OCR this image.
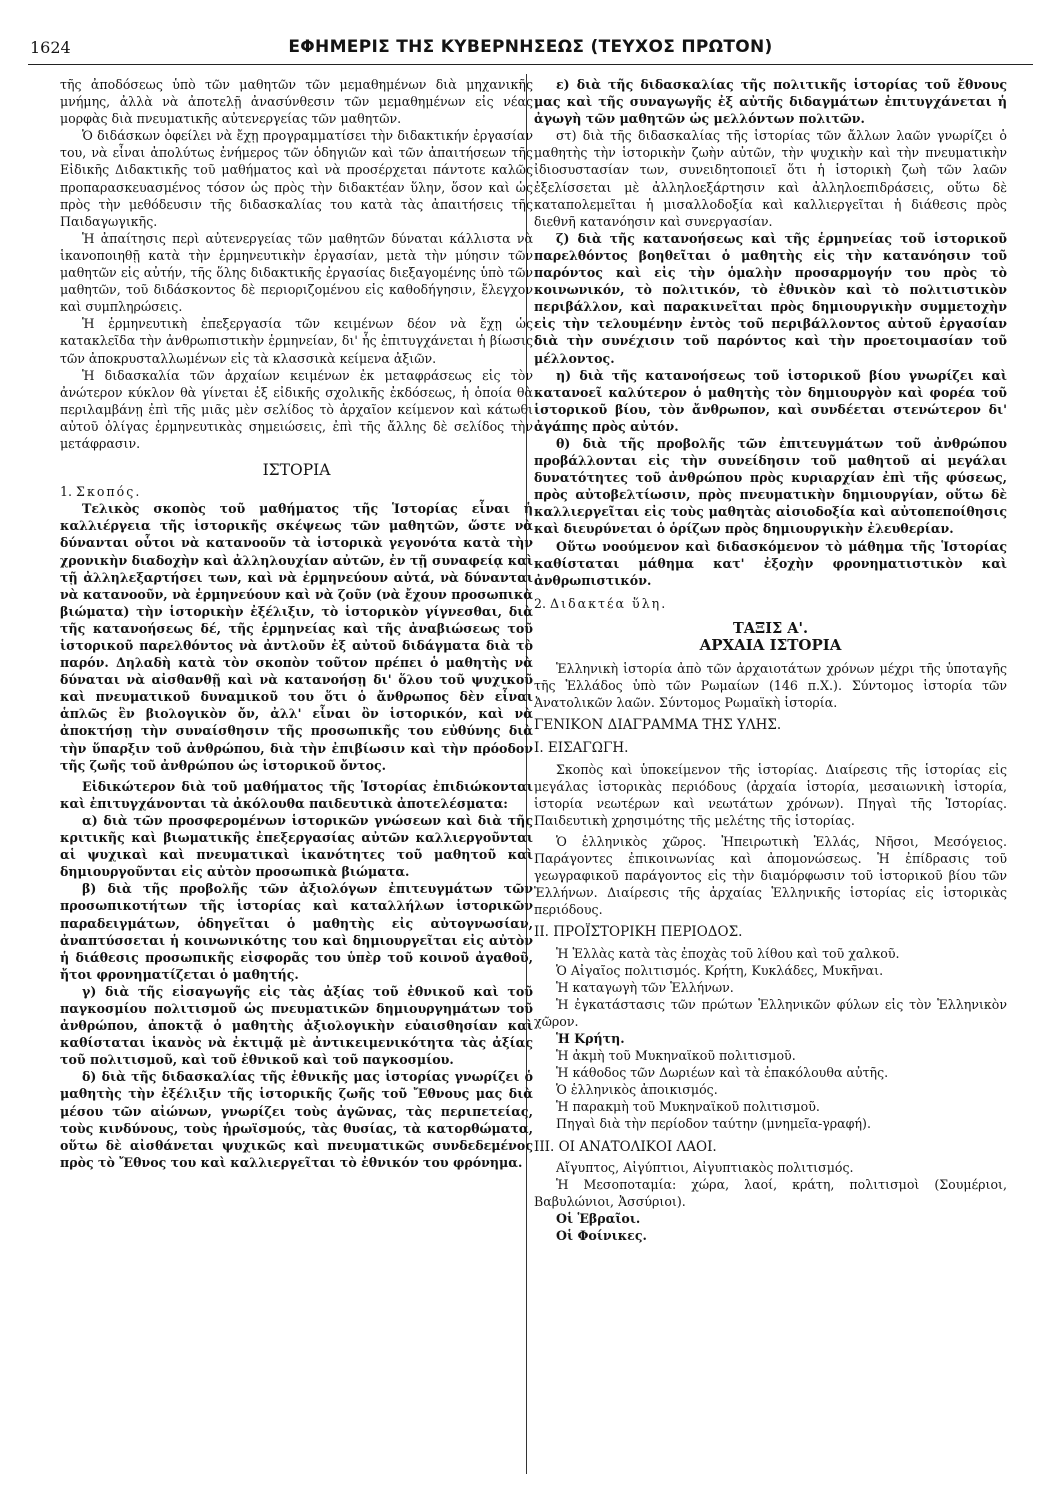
1624	ΕΦΗΜΕΡΙΣ ΤΗΣ ΚΥΒΕΡΝΗΣΕΩΣ (ΤΕΥΧΟΣ ΠΡΩΤΟΝ)

τῆς ἀποδόσεως ὑπὸ τῶν μαθητῶν τῶν μεμαθημένων διὰ μηχανικῆς μνήμης, ἀλλὰ νὰ ἀποτελῇ ἀνασύνθεσιν τῶν μεμαθημένων εἰς νέας μορφὰς διὰ πνευματικῆς αὐτενεργείας τῶν μαθητῶν.

Ὁ διδάσκων ὀφείλει νὰ ἔχῃ προγραμματίσει τὴν διδακτικήν ἐργασίαν του, νὰ εἶναι ἀπολύτως ἐνήμερος τῶν ὁδηγιῶν καὶ τῶν ἀπαιτήσεων τῆς Εἰδικῆς Διδακτικῆς τοῦ μαθήματος καὶ νὰ προσέρχεται πάντοτε καλῶς προπαρασκευασμένος τόσον ὡς πρὸς τὴν διδακτέαν ὕλην, ὅσον καὶ ὡς πρὸς τὴν μεθόδευσιν τῆς διδασκαλίας του κατὰ τὰς ἀπαιτήσεις τῆς Παιδαγωγικῆς.

Ἡ ἀπαίτησις περὶ αὐτενεργείας τῶν μαθητῶν δύναται κάλλιστα νὰ ἱκανοποιηθῇ κατὰ τὴν ἑρμηνευτικὴν ἐργασίαν, μετὰ τὴν μύησιν τῶν μαθητῶν εἰς αὐτήν, τῆς ὅλης διδακτικῆς ἐργασίας διεξαγομένης ὑπὸ τῶν μαθητῶν, τοῦ διδάσκοντος δὲ περιοριζομένου εἰς καθοδήγησιν, ἔλεγχον καὶ συμπληρώσεις.

Ἡ ἑρμηνευτικὴ ἐπεξεργασία τῶν κειμένων δέον νὰ ἔχῃ ὡς κατακλεῖδα τὴν ἀνθρωπιστικὴν ἑρμηνείαν, δι' ἧς ἐπιτυγχάνεται ἡ βίωσις τῶν ἀποκρυσταλλωμένων εἰς τὰ κλασσικὰ κείμενα ἀξιῶν.

Ἡ διδασκαλία τῶν ἀρχαίων κειμένων ἐκ μεταφράσεως εἰς τὸν ἀνώτερον κύκλον θὰ γίνεται ἐξ εἰδικῆς σχολικῆς ἐκδόσεως, ἡ ὁποία θὰ περιλαμβάνῃ ἐπὶ τῆς μιᾶς μὲν σελίδος τὸ ἀρχαῖον κείμενον καὶ κάτωθι αὐτοῦ ὀλίγας ἑρμηνευτικὰς σημειώσεις, ἐπὶ τῆς ἄλλης δὲ σελίδος τὴν μετάφρασιν.

ΙΣΤΟΡΙΑ

1. Σκοπός.

Τελικὸς σκοπὸς τοῦ μαθήματος τῆς Ἱστορίας εἶναι ἡ καλλιέργεια τῆς ἱστορικῆς σκέψεως τῶν μαθητῶν, ὥστε νὰ δύνανται οὗτοι νὰ κατανοοῦν τὰ ἱστορικὰ γεγονότα κατὰ τὴν χρονικὴν διαδοχὴν καὶ ἀλληλουχίαν αὐτῶν, ἐν τῇ συναφείᾳ καὶ τῇ ἀλληλεξαρτήσει των, καὶ νὰ ἑρμηνεύουν αὐτά, νὰ δύνανται νὰ κατανοοῦν, νὰ ἑρμηνεύουν καὶ νὰ ζοῦν (νὰ ἔχουν προσωπικὰ βιώματα) τὴν ἱστορικὴν ἐξέλιξιν, τὸ ἱστορικὸν γίγνεσθαι, διὰ τῆς κατανοήσεως δέ, τῆς ἑρμηνείας καὶ τῆς ἀναβιώσεως τοῦ ἱστορικοῦ παρελθόντος νὰ ἀντλοῦν ἐξ αὐτοῦ διδάγματα διὰ τὸ παρόν. Δηλαδὴ κατὰ τὸν σκοπὸν τοῦτον πρέπει ὁ μαθητὴς νὰ δύναται νὰ αἰσθανθῇ καὶ νὰ κατανοήσῃ δι' ὅλου τοῦ ψυχικοῦ καὶ πνευματικοῦ δυναμικοῦ του ὅτι ὁ ἄνθρωπος δὲν εἶναι ἁπλῶς ἓν βιολογικὸν ὄν, ἀλλ' εἶναι ὂν ἱστορικόν, καὶ νὰ ἀποκτήσῃ τὴν συναίσθησιν τῆς προσωπικῆς του εὐθύνης διὰ τὴν ὕπαρξιν τοῦ ἀνθρώπου, διὰ τὴν ἐπιβίωσιν καὶ τὴν πρόοδον τῆς ζωῆς τοῦ ἀνθρώπου ὡς ἱστορικοῦ ὄντος.

Εἰδικώτερον διὰ τοῦ μαθήματος τῆς Ἱστορίας ἐπιδιώκονται καὶ ἐπιτυγχάνονται τὰ ἀκόλουθα παιδευτικὰ ἀποτελέσματα:

α) διὰ τῶν προσφερομένων ἱστορικῶν γνώσεων καὶ διὰ τῆς κριτικῆς καὶ βιωματικῆς ἐπεξεργασίας αὐτῶν καλλιεργοῦνται αἱ ψυχικαὶ καὶ πνευματικαὶ ἱκανότητες τοῦ μαθητοῦ καὶ δημιουργοῦνται εἰς αὐτὸν προσωπικὰ βιώματα.

β) διὰ τῆς προβολῆς τῶν ἀξιολόγων ἐπιτευγμάτων τῶν προσωπικοτήτων τῆς ἱστορίας καὶ καταλλήλων ἱστορικῶν παραδειγμάτων, ὁδηγεῖται ὁ μαθητὴς εἰς αὐτογνωσίαν, ἀναπτύσσεται ἡ κοινωνικότης του καὶ δημιουργεῖται εἰς αὐτὸν ἡ διάθεσις προσωπικῆς εἰσφορᾶς του ὑπὲρ τοῦ κοινοῦ ἀγαθοῦ, ἤτοι φρονηματίζεται ὁ μαθητής.

γ) διὰ τῆς εἰσαγωγῆς εἰς τὰς ἀξίας τοῦ ἐθνικοῦ καὶ τοῦ παγκοσμίου πολιτισμοῦ ὡς πνευματικῶν δημιουργημάτων τοῦ ἀνθρώπου, ἀποκτᾷ ὁ μαθητὴς ἀξιολογικὴν εὐαισθησίαν καὶ καθίσταται ἱκανὸς νὰ ἐκτιμᾷ μὲ ἀντικειμενικότητα τὰς ἀξίας τοῦ πολιτισμοῦ, καὶ τοῦ ἐθνικοῦ καὶ τοῦ παγκοσμίου.

δ) διὰ τῆς διδασκαλίας τῆς ἐθνικῆς μας ἱστορίας γνωρίζει ὁ μαθητὴς τὴν ἐξέλιξιν τῆς ἱστορικῆς ζωῆς τοῦ Ἔθνους μας διὰ μέσου τῶν αἰώνων, γνωρίζει τοὺς ἀγῶνας, τὰς περιπετείας, τοὺς κινδύνους, τοὺς ἡρωϊσμούς, τὰς θυσίας, τὰ κατορθώματα, οὕτω δὲ αἰσθάνεται ψυχικῶς καὶ πνευματικῶς συνδεδεμένος πρὸς τὸ Ἔθνος του καὶ καλλιεργεῖται τὸ ἐθνικόν του φρόνημα.

ε) διὰ τῆς διδασκαλίας τῆς πολιτικῆς ἱστορίας τοῦ ἔθνους μας καὶ τῆς συναγωγῆς ἐξ αὐτῆς διδαγμάτων ἐπιτυγχάνεται ἡ ἀγωγὴ τῶν μαθητῶν ὡς μελλόντων πολιτῶν.

στ) διὰ τῆς διδασκαλίας τῆς ἱστορίας τῶν ἄλλων λαῶν γνωρίζει ὁ μαθητὴς τὴν ἱστορικὴν ζωὴν αὐτῶν, τὴν ψυχικὴν καὶ τὴν πνευματικὴν ἰδιοσυστασίαν των, συνειδητοποιεῖ ὅτι ἡ ἱστορικὴ ζωὴ τῶν λαῶν ἐξελίσσεται μὲ ἀλληλοεξάρτησιν καὶ ἀλληλοεπιδράσεις, οὕτω δὲ καταπολεμεῖται ἡ μισαλλοδοξία καὶ καλλιεργεῖται ἡ διάθεσις πρὸς διεθνῆ κατανόησιν καὶ συνεργασίαν.

ζ) διὰ τῆς κατανοήσεως καὶ τῆς ἑρμηνείας τοῦ ἱστορικοῦ παρελθόντος βοηθεῖται ὁ μαθητὴς εἰς τὴν κατανόησιν τοῦ παρόντος καὶ εἰς τὴν ὁμαλὴν προσαρμογήν του πρὸς τὸ κοινωνικόν, τὸ πολιτικόν, τὸ ἐθνικὸν καὶ τὸ πολιτιστικὸν περιβάλλον, καὶ παρακινεῖται πρὸς δημιουργικὴν συμμετοχὴν εἰς τὴν τελουμένην ἐντὸς τοῦ περιβάλλοντος αὐτοῦ ἐργασίαν διὰ τὴν συνέχισιν τοῦ παρόντος καὶ τὴν προετοιμασίαν τοῦ μέλλοντος.

η) διὰ τῆς κατανοήσεως τοῦ ἱστορικοῦ βίου γνωρίζει καὶ κατανοεῖ καλύτερον ὁ μαθητὴς τὸν δημιουργὸν καὶ φορέα τοῦ ἱστορικοῦ βίου, τὸν ἄνθρωπον, καὶ συνδέεται στενώτερον δι' ἀγάπης πρὸς αὐτόν.

θ) διὰ τῆς προβολῆς τῶν ἐπιτευγμάτων τοῦ ἀνθρώπου προβάλλονται εἰς τὴν συνείδησιν τοῦ μαθητοῦ αἱ μεγάλαι δυνατότητες τοῦ ἀνθρώπου πρὸς κυριαρχίαν ἐπὶ τῆς φύσεως, πρὸς αὐτοβελτίωσιν, πρὸς πνευματικὴν δημιουργίαν, οὕτω δὲ καλλιεργεῖται εἰς τοὺς μαθητὰς αἰσιοδοξία καὶ αὐτοπεποίθησις καὶ διευρύνεται ὁ ὁρίζων πρὸς δημιουργικὴν ἐλευθερίαν.

Οὕτω νοούμενον καὶ διδασκόμενον τὸ μάθημα τῆς Ἱστορίας καθίσταται μάθημα κατ' ἐξοχὴν φρονηματιστικὸν καὶ ἀνθρωπιστικόν.

2. Διδακτέα ὕλη.

ΤΑΞΙΣ Α'.

ΑΡΧΑΙΑ ΙΣΤΟΡΙΑ

Ἑλληνικὴ ἱστορία ἀπὸ τῶν ἀρχαιοτάτων χρόνων μέχρι τῆς ὑποταγῆς τῆς Ἑλλάδος ὑπὸ τῶν Ρωμαίων (146 π.Χ.). Σύντομος ἱστορία τῶν Ἀνατολικῶν λαῶν. Σύντομος Ρωμαϊκὴ ἱστορία.

ΓΕΝΙΚΟΝ ΔΙΑΓΡΑΜΜΑ ΤΗΣ ΥΛΗΣ.

I. ΕΙΣΑΓΩΓΗ.

Σκοπὸς καὶ ὑποκείμενον τῆς ἱστορίας. Διαίρεσις τῆς ἱστορίας εἰς μεγάλας ἱστορικὰς περιόδους (ἀρχαία ἱστορία, μεσαιωνικὴ ἱστορία, ἱστορία νεωτέρων καὶ νεωτάτων χρόνων). Πηγαὶ τῆς Ἱστορίας. Παιδευτικὴ χρησιμότης τῆς μελέτης τῆς ἱστορίας.

Ὁ ἑλληνικὸς χῶρος. Ἠπειρωτικὴ Ἑλλάς, Νῆσοι, Μεσόγειος. Παράγοντες ἐπικοινωνίας καὶ ἀπομονώσεως. Ἡ ἐπίδρασις τοῦ γεωγραφικοῦ παράγοντος εἰς τὴν διαμόρφωσιν τοῦ ἱστορικοῦ βίου τῶν Ἑλλήνων. Διαίρεσις τῆς ἀρχαίας Ἑλληνικῆς ἱστορίας εἰς ἱστορικὰς περιόδους.

II. ΠΡΟΪΣΤΟΡΙΚΗ ΠΕΡΙΟΔΟΣ.

Ἡ Ἑλλὰς κατὰ τὰς ἐποχὰς τοῦ λίθου καὶ τοῦ χαλκοῦ.

Ὁ Αἰγαῖος πολιτισμός. Κρήτη, Κυκλάδες, Μυκῆναι.

Ἡ καταγωγὴ τῶν Ἑλλήνων.

Ἡ ἐγκατάστασις τῶν πρώτων Ἑλληνικῶν φύλων εἰς τὸν Ἑλληνικὸν χῶρον.

Ἡ Κρήτη.

Ἡ ἀκμὴ τοῦ Μυκηναϊκοῦ πολιτισμοῦ.

Ἡ κάθοδος τῶν Δωριέων καὶ τὰ ἐπακόλουθα αὐτῆς.

Ὁ ἑλληνικὸς ἀποικισμός.

Ἡ παρακμὴ τοῦ Μυκηναϊκοῦ πολιτισμοῦ.

Πηγαὶ διὰ τὴν περίοδον ταύτην (μνημεῖα-γραφή).

III. ΟΙ ΑΝΑΤΟΛΙΚΟΙ ΛΑΟΙ.

Αἴγυπτος, Αἰγύπτιοι, Αἰγυπτιακὸς πολιτισμός.

Ἡ Μεσοποταμία: χώρα, λαοί, κράτη, πολιτισμοὶ (Σουμέριοι, Βαβυλώνιοι, Ἀσσύριοι).

Οἱ Ἑβραῖοι.

Οἱ Φοίνικες.
